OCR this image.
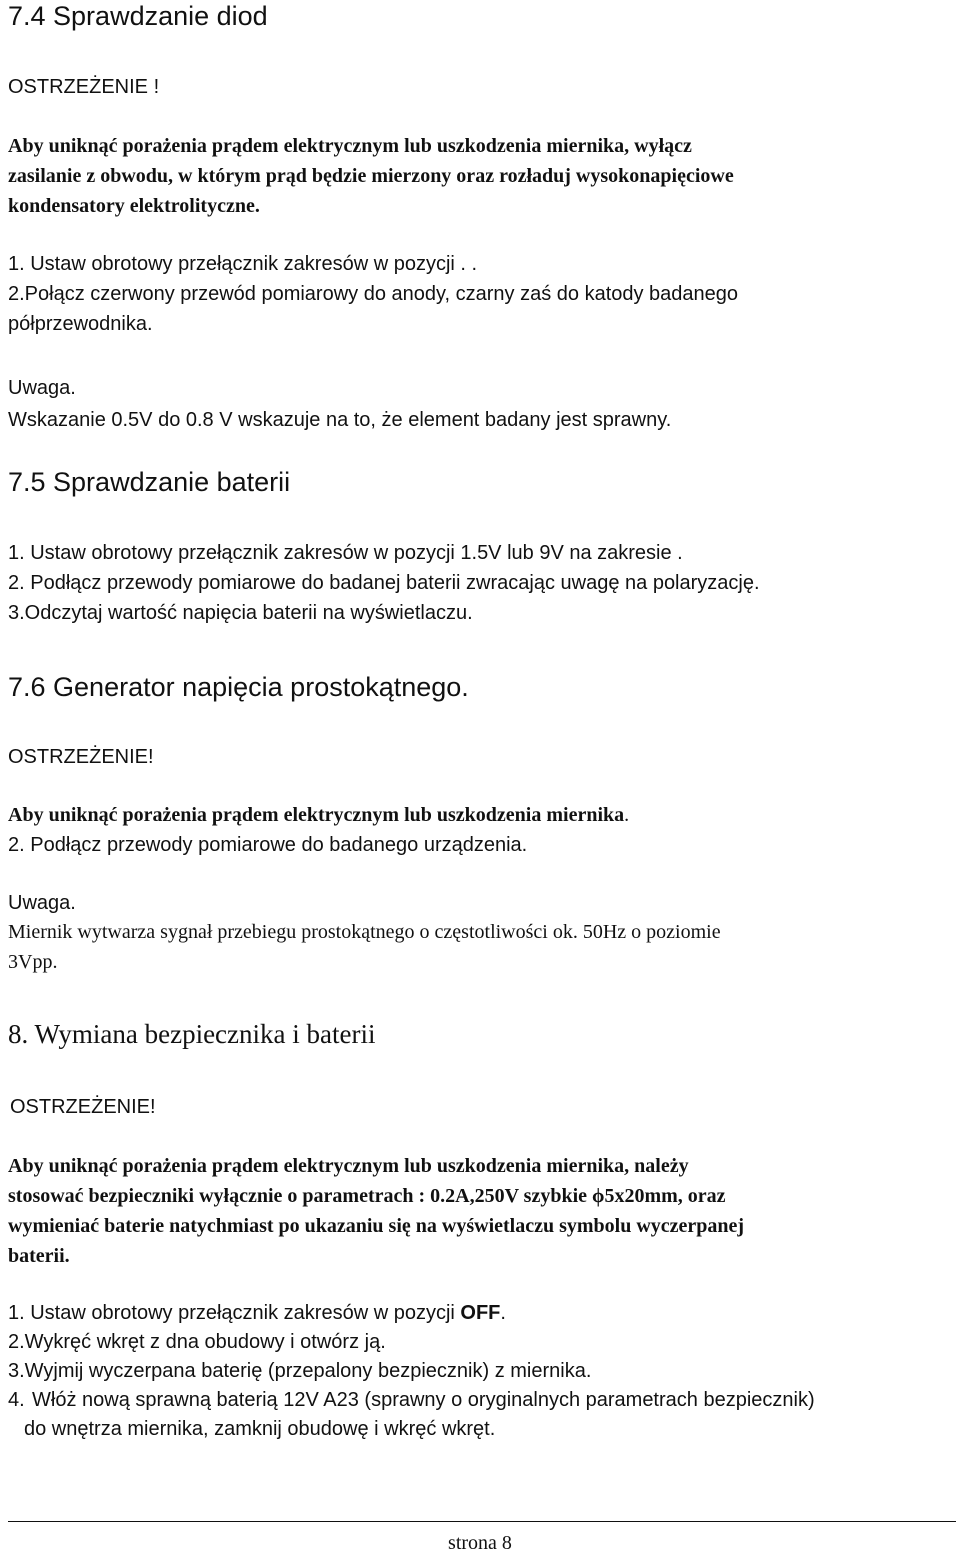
7.4 Sprawdzanie diod
OSTRZEŻENIE !
Aby uniknąć porażenia prądem elektrycznym lub uszkodzenia miernika, wyłącz
zasilanie z obwodu, w którym prąd będzie mierzony oraz rozładuj wysokonapięciowe
kondensatory elektrolityczne.
1. Ustaw obrotowy przełącznik zakresów w pozycji . .
2.Połącz czerwony przewód pomiarowy do anody, czarny zaś do katody badanego
półprzewodnika.
Uwaga.
Wskazanie 0.5V do 0.8 V wskazuje na to, że element badany jest sprawny.
7.5 Sprawdzanie baterii
1. Ustaw obrotowy przełącznik zakresów w pozycji 1.5V lub 9V na zakresie .
2. Podłącz przewody pomiarowe do badanej baterii zwracając uwagę na polaryzację.
3.Odczytaj wartość napięcia baterii na wyświetlaczu.
7.6 Generator napięcia prostokątnego.
OSTRZEŻENIE!
Aby uniknąć porażenia prądem elektrycznym lub uszkodzenia miernika.
2. Podłącz przewody pomiarowe do badanego urządzenia.
Uwaga.
Miernik wytwarza sygnał przebiegu prostokątnego o częstotliwości ok. 50Hz o poziomie
3Vpp.
8. Wymiana bezpiecznika i baterii
OSTRZEŻENIE!
Aby uniknąć porażenia prądem elektrycznym lub uszkodzenia miernika, należy
stosować bezpieczniki wyłącznie o parametrach : 0.2A,250V szybkie ϕ5x20mm, oraz
wymieniać baterie natychmiast po ukazaniu się na wyświetlaczu symbolu wyczerpanej
baterii.
1. Ustaw obrotowy przełącznik zakresów w pozycji OFF.
2.Wykręć wkręt z dna obudowy i otwórz ją.
3.Wyjmij wyczerpana baterię (przepalony bezpiecznik) z miernika.
4. Włóż nową sprawną baterią 12V A23 (sprawny o oryginalnych parametrach bezpiecznik)
do wnętrza miernika, zamknij obudowę i wkręć wkręt.
strona 8
